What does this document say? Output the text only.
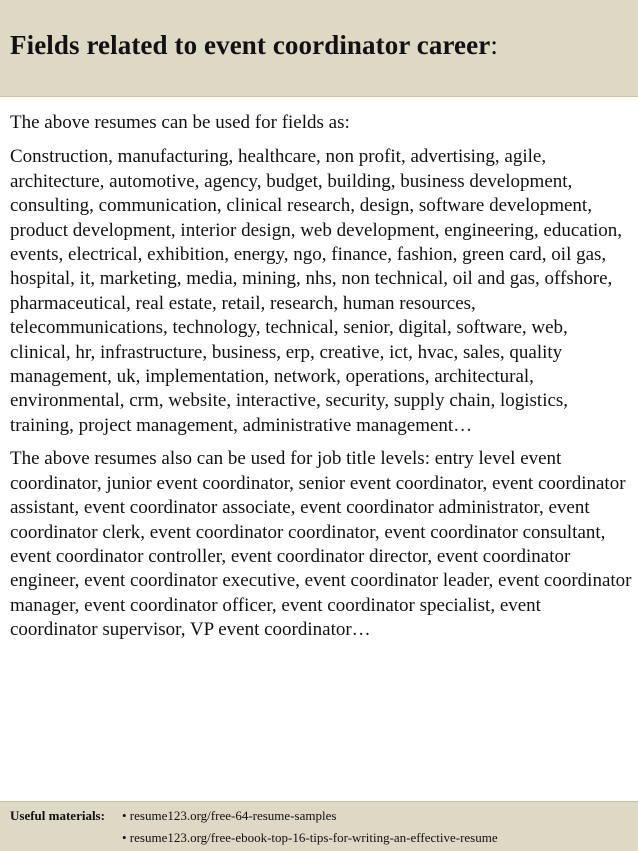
Fields related to event coordinator career:

The above resumes can be used for fields as:

Construction, manufacturing, healthcare, non profit, advertising, agile, architecture, automotive, agency, budget, building, business development, consulting, communication, clinical research, design, software development, product development, interior design, web development, engineering, education, events, electrical, exhibition, energy, ngo, finance, fashion, green card, oil gas, hospital, it, marketing, media, mining, nhs, non technical, oil and gas, offshore, pharmaceutical, real estate, retail, research, human resources, telecommunications, technology, technical, senior, digital, software, web, clinical, hr, infrastructure, business, erp, creative, ict, hvac, sales, quality management, uk, implementation, network, operations, architectural, environmental, crm, website, interactive, security, supply chain, logistics, training, project management, administrative management…

The above resumes also can be used for job title levels: entry level event coordinator, junior event coordinator, senior event coordinator, event coordinator assistant, event coordinator associate, event coordinator administrator, event coordinator clerk, event coordinator coordinator, event coordinator consultant, event coordinator controller, event coordinator director, event coordinator engineer, event coordinator executive, event coordinator leader, event coordinator manager, event coordinator officer, event coordinator specialist, event coordinator supervisor, VP event coordinator…

Useful materials: • resume123.org/free-64-resume-samples
• resume123.org/free-ebook-top-16-tips-for-writing-an-effective-resume
